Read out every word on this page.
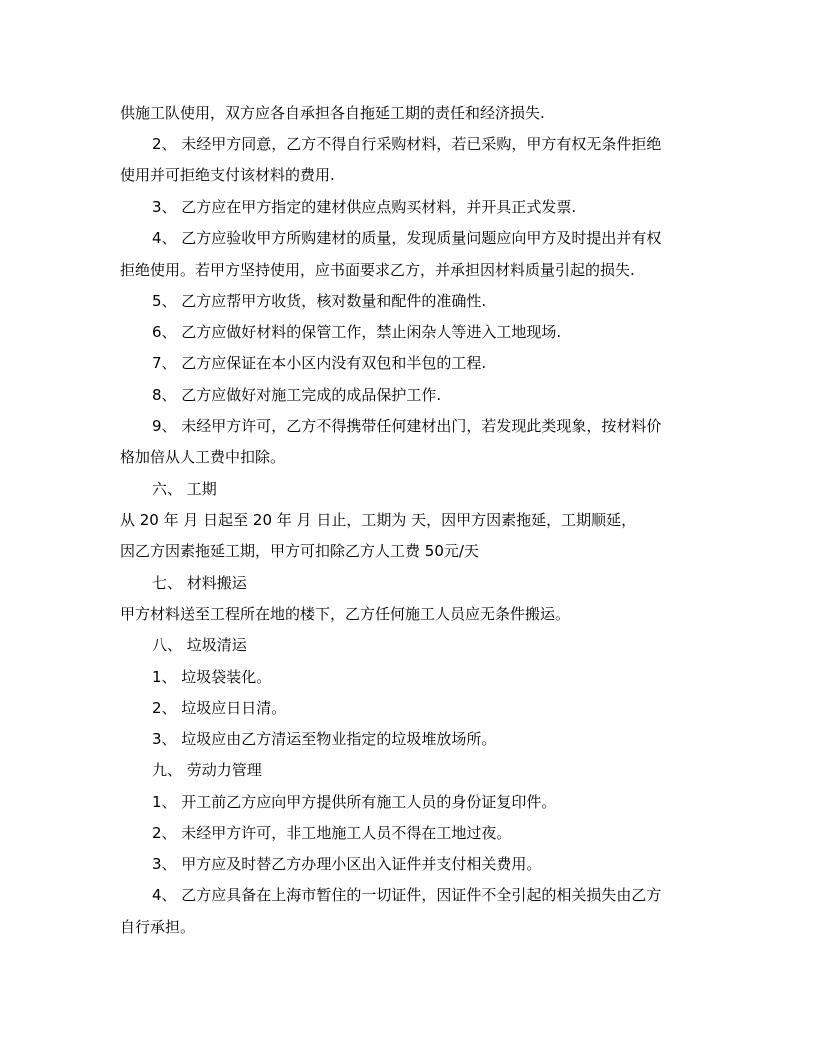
供施工队使用，双方应各自承担各自拖延工期的责任和经济损失.
2、 未经甲方同意，乙方不得自行采购材料，若已采购，甲方有权无条件拒绝
使用并可拒绝支付该材料的费用.
3、 乙方应在甲方指定的建材供应点购买材料，并开具正式发票.
4、 乙方应验收甲方所购建材的质量，发现质量问题应向甲方及时提出并有权
拒绝使用。若甲方坚持使用，应书面要求乙方，并承担因材料质量引起的损失.
5、 乙方应帮甲方收货，核对数量和配件的准确性.
6、 乙方应做好材料的保管工作，禁止闲杂人等进入工地现场.
7、 乙方应保证在本小区内没有双包和半包的工程.
8、 乙方应做好对施工完成的成品保护工作.
9、 未经甲方许可，乙方不得携带任何建材出门，若发现此类现象，按材料价
格加倍从人工费中扣除。
六、 工期
从 20 年 月 日起至 20 年 月 日止，工期为 天，因甲方因素拖延，工期顺延，
因乙方因素拖延工期，甲方可扣除乙方人工费 50元/天
七、 材料搬运
甲方材料送至工程所在地的楼下，乙方任何施工人员应无条件搬运。
八、 垃圾清运
1、 垃圾袋装化。
2、 垃圾应日日清。
3、 垃圾应由乙方清运至物业指定的垃圾堆放场所。
九、 劳动力管理
1、 开工前乙方应向甲方提供所有施工人员的身份证复印件。
2、 未经甲方许可，非工地施工人员不得在工地过夜。
3、 甲方应及时替乙方办理小区出入证件并支付相关费用。
4、 乙方应具备在上海市暂住的一切证件，因证件不全引起的相关损失由乙方
自行承担。
